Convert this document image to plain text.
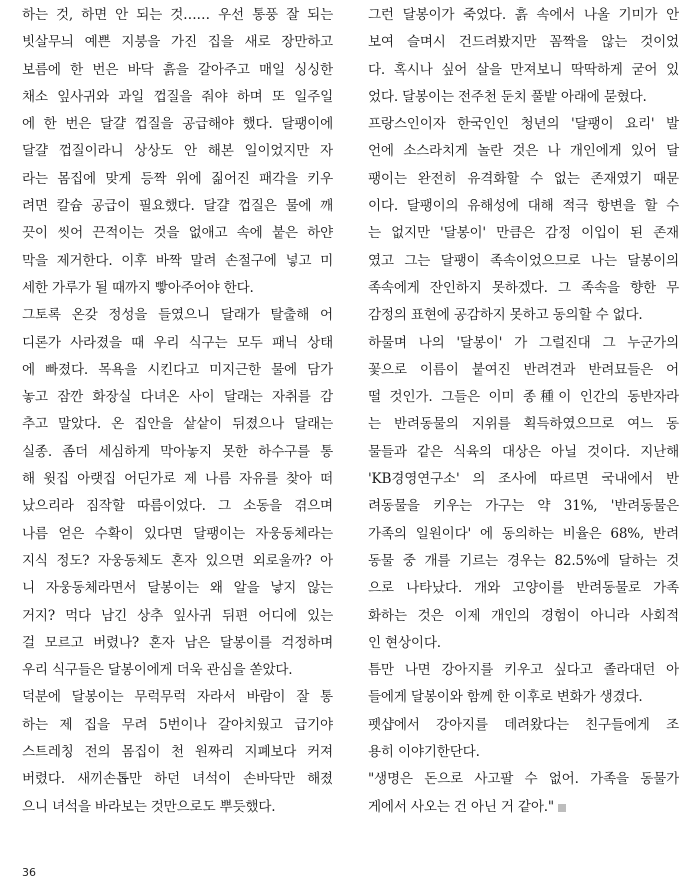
하는 것, 하면 안 되는 것…… 우선 통풍 잘 되는
빗살무늬 예쁜 지붕을 가진 집을 새로 장만하고
보름에 한 번은 바닥 흙을 갈아주고 매일 싱싱한
채소 잎사귀와 과일 껍질을 줘야 하며 또 일주일
에 한 번은 달걀 껍질을 공급해야 했다. 달팽이에
달걀 껍질이라니 상상도 안 해본 일이었지만 자
라는 몸집에 맞게 등짝 위에 짊어진 패각을 키우
려면 칼슘 공급이 필요했다. 달걀 껍질은 물에 깨
끗이 씻어 끈적이는 것을 없애고 속에 붙은 하얀
막을 제거한다. 이후 바짝 말려 손절구에 넣고 미
세한 가루가 될 때까지 빻아주어야 한다.
그토록 온갖 정성을 들였으니 달래가 탈출해 어
디론가 사라졌을 때 우리 식구는 모두 패닉 상태
에 빠졌다. 목욕을 시킨다고 미지근한 물에 담가
놓고 잠깐 화장실 다녀온 사이 달래는 자취를 감
추고 말았다. 온 집안을 샅샅이 뒤졌으나 달래는
실종. 좀더 세심하게 막아놓지 못한 하수구를 통
해 윗집 아랫집 어딘가로 제 나름 자유를 찾아 떠
났으리라 짐작할 따름이었다. 그 소동을 겪으며
나름 얻은 수확이 있다면 달팽이는 자웅동체라는
지식 정도? 자웅동체도 혼자 있으면 외로울까? 아
니 자웅동체라면서 달봉이는 왜 알을 낳지 않는
거지? 먹다 남긴 상추 잎사귀 뒤편 어디에 있는
걸 모르고 버렸나? 혼자 남은 달봉이를 걱정하며
우리 식구들은 달봉이에게 더욱 관심을 쏟았다.
덕분에 달봉이는 무럭무럭 자라서 바람이 잘 통
하는 제 집을 무려 5번이나 갈아치웠고 급기야
스트레칭 전의 몸집이 천 원짜리 지폐보다 커져
버렸다. 새끼손톱만 하던 녀석이 손바닥만 해졌
으니 녀석을 바라보는 것만으로도 뿌듯했다.
그런 달봉이가 죽었다. 흙 속에서 나올 기미가 안
보여 슬며시 건드려봤지만 꼼짝을 않는 것이었
다. 혹시나 싶어 살을 만져보니 딱딱하게 굳어 있
었다. 달봉이는 전주천 둔치 풀밭 아래에 묻혔다.
프랑스인이자 한국인인 청년의 '달팽이 요리' 발
언에 소스라치게 놀란 것은 나 개인에게 있어 달
팽이는 완전히 유격화할 수 없는 존재였기 때문
이다. 달팽이의 유해성에 대해 적극 항변을 할 수
는 없지만 '달봉이' 만큼은 감정 이입이 된 존재
였고 그는 달팽이 족속이었으므로 나는 달봉이의
족속에게 잔인하지 못하겠다. 그 족속을 향한 무
감정의 표현에 공감하지 못하고 동의할 수 없다.
하물며 나의 '달봉이' 가 그럴진대 그 누군가의
꽃으로 이름이 붙여진 반려견과 반려묘들은 어
떨 것인가. 그들은 이미 종種이 인간의 동반자라
는 반려동물의 지위를 획득하였으므로 여느 동
물들과 같은 식육의 대상은 아닐 것이다. 지난해
'KB경영연구소' 의 조사에 따르면 국내에서 반
려동물을 키우는 가구는 약 31%, '반려동물은
가족의 일원이다' 에 동의하는 비율은 68%, 반려
동물 중 개를 기르는 경우는 82.5%에 달하는 것
으로 나타났다. 개와 고양이를 반려동물로 가족
화하는 것은 이제 개인의 경험이 아니라 사회적
인 현상이다.
틈만 나면 강아지를 키우고 싶다고 졸라대던 아
들에게 달봉이와 함께 한 이후로 변화가 생겼다.
펫샵에서 강아지를 데려왔다는 친구들에게 조
용히 이야기한단다.
"생명은 돈으로 사고팔 수 없어. 가족을 동물가
게에서 사오는 건 아닌 거 같아."
36
